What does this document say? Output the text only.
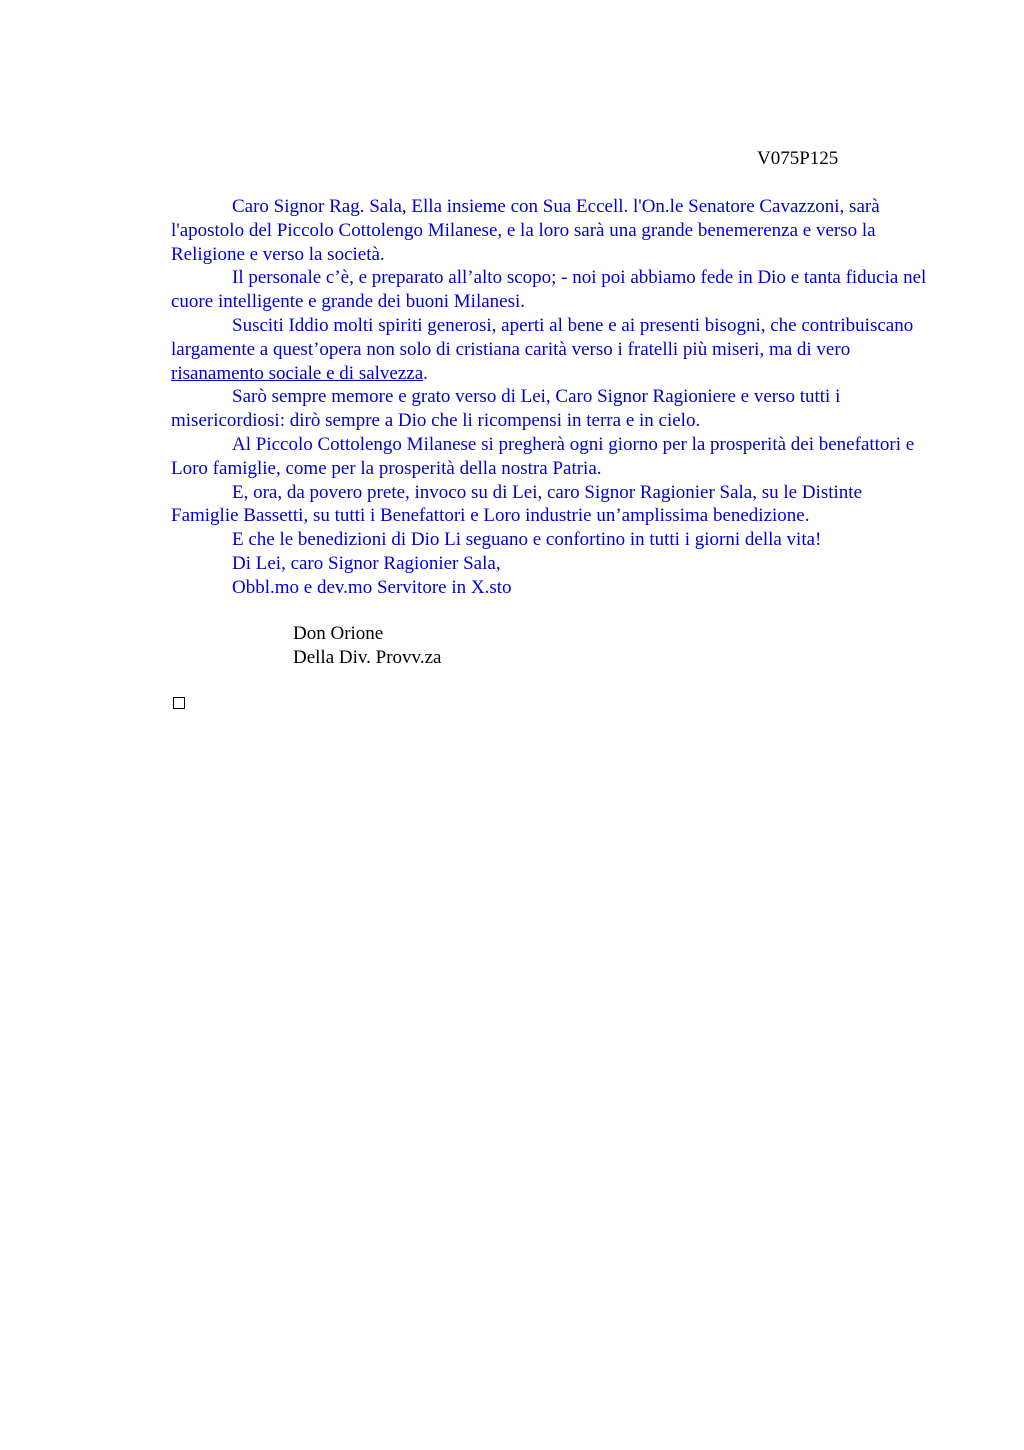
V075P125

Caro Signor Rag. Sala, Ella insieme con Sua Eccell. l'On.le Senatore Cavazzoni, sarà l'apostolo del Piccolo Cottolengo Milanese, e la loro sarà una grande benemerenza e verso la Religione e verso la società.

Il personale c’è, e preparato all’alto scopo; - noi poi abbiamo fede in Dio e tanta fiducia nel cuore intelligente e grande dei buoni Milanesi.

Susciti Iddio molti spiriti generosi, aperti al bene e ai presenti bisogni, che contribuiscano largamente a quest’opera non solo di cristiana carità verso i fratelli più miseri, ma di vero risanamento sociale e di salvezza.

Sarò sempre memore e grato verso di Lei, Caro Signor Ragioniere e verso tutti i misericordiosi: dirò sempre a Dio che li ricompensi in terra e in cielo.

Al Piccolo Cottolengo Milanese si pregherà ogni giorno per la prosperità dei benefattori e Loro famiglie, come per la prosperità della nostra Patria.

E, ora, da povero prete, invoco su di Lei, caro Signor Ragionier Sala, su le Distinte Famiglie Bassetti, su tutti i Benefattori e Loro industrie un’amplissima benedizione.

E che le benedizioni di Dio Li seguano e confortino in tutti i giorni della vita!

Di Lei, caro Signor Ragionier Sala,

Obbl.mo e dev.mo Servitore in X.sto

Don Orione
Della Div. Provv.za
